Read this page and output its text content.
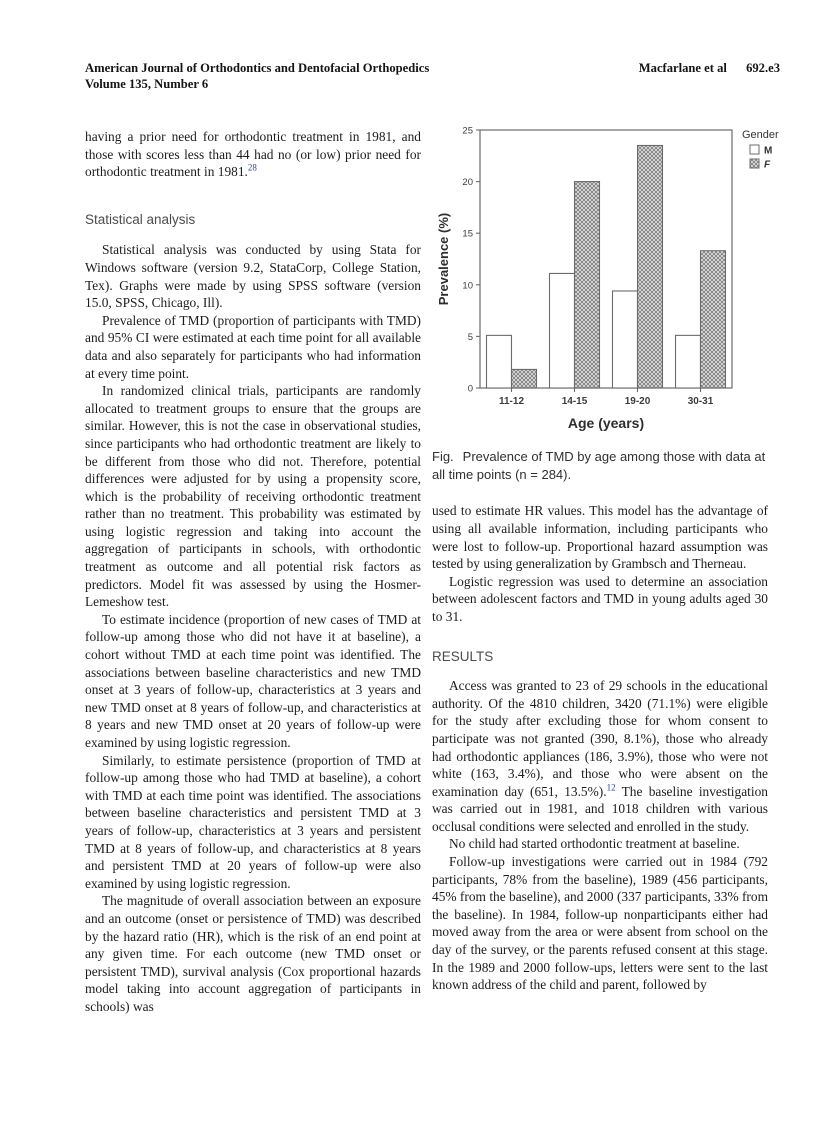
American Journal of Orthodontics and Dentofacial Orthopedics
Volume 135, Number 6
Macfarlane et al 692.e3

having a prior need for orthodontic treatment in 1981, and those with scores less than 44 had no (or low) prior need for orthodontic treatment in 1981.28

Statistical analysis

Statistical analysis was conducted by using Stata for Windows software (version 9.2, StataCorp, College Station, Tex). Graphs were made by using SPSS software (version 15.0, SPSS, Chicago, Ill).

Prevalence of TMD (proportion of participants with TMD) and 95% CI were estimated at each time point for all available data and also separately for participants who had information at every time point.

In randomized clinical trials, participants are randomly allocated to treatment groups to ensure that the groups are similar. However, this is not the case in observational studies, since participants who had orthodontic treatment are likely to be different from those who did not. Therefore, potential differences were adjusted for by using a propensity score, which is the probability of receiving orthodontic treatment rather than no treatment. This probability was estimated by using logistic regression and taking into account the aggregation of participants in schools, with orthodontic treatment as outcome and all potential risk factors as predictors. Model fit was assessed by using the Hosmer-Lemeshow test.

To estimate incidence (proportion of new cases of TMD at follow-up among those who did not have it at baseline), a cohort without TMD at each time point was identified. The associations between baseline characteristics and new TMD onset at 3 years of follow-up, characteristics at 3 years and new TMD onset at 8 years of follow-up, and characteristics at 8 years and new TMD onset at 20 years of follow-up were examined by using logistic regression.

Similarly, to estimate persistence (proportion of TMD at follow-up among those who had TMD at baseline), a cohort with TMD at each time point was identified. The associations between baseline characteristics and persistent TMD at 3 years of follow-up, characteristics at 3 years and persistent TMD at 8 years of follow-up, and characteristics at 8 years and persistent TMD at 20 years of follow-up were also examined by using logistic regression.

The magnitude of overall association between an exposure and an outcome (onset or persistence of TMD) was described by the hazard ratio (HR), which is the risk of an end point at any given time. For each outcome (new TMD onset or persistent TMD), survival analysis (Cox proportional hazards model taking into account aggregation of participants in schools) was

0
5
10
15
20
25
11-12	14-15	19-20	30-31
Prevalence (%)
Age (years)
Gender
M
F

Fig. Prevalence of TMD by age among those with data at all time points (n = 284).

used to estimate HR values. This model has the advantage of using all available information, including participants who were lost to follow-up. Proportional hazard assumption was tested by using generalization by Grambsch and Therneau.

Logistic regression was used to determine an association between adolescent factors and TMD in young adults aged 30 to 31.

RESULTS

Access was granted to 23 of 29 schools in the educational authority. Of the 4810 children, 3420 (71.1%) were eligible for the study after excluding those for whom consent to participate was not granted (390, 8.1%), those who already had orthodontic appliances (186, 3.9%), those who were not white (163, 3.4%), and those who were absent on the examination day (651, 13.5%).$^{12}$ The baseline investigation was carried out in 1981, and 1018 children with various occlusal conditions were selected and enrolled in the study.

No child had started orthodontic treatment at baseline.

Follow-up investigations were carried out in 1984 (792 participants, 78% from the baseline), 1989 (456 participants, 45% from the baseline), and 2000 (337 participants, 33% from the baseline). In 1984, follow-up nonparticipants either had moved away from the area or were absent from school on the day of the survey, or the parents refused consent at this stage. In the 1989 and 2000 follow-ups, letters were sent to the last known address of the child and parent, followed by
